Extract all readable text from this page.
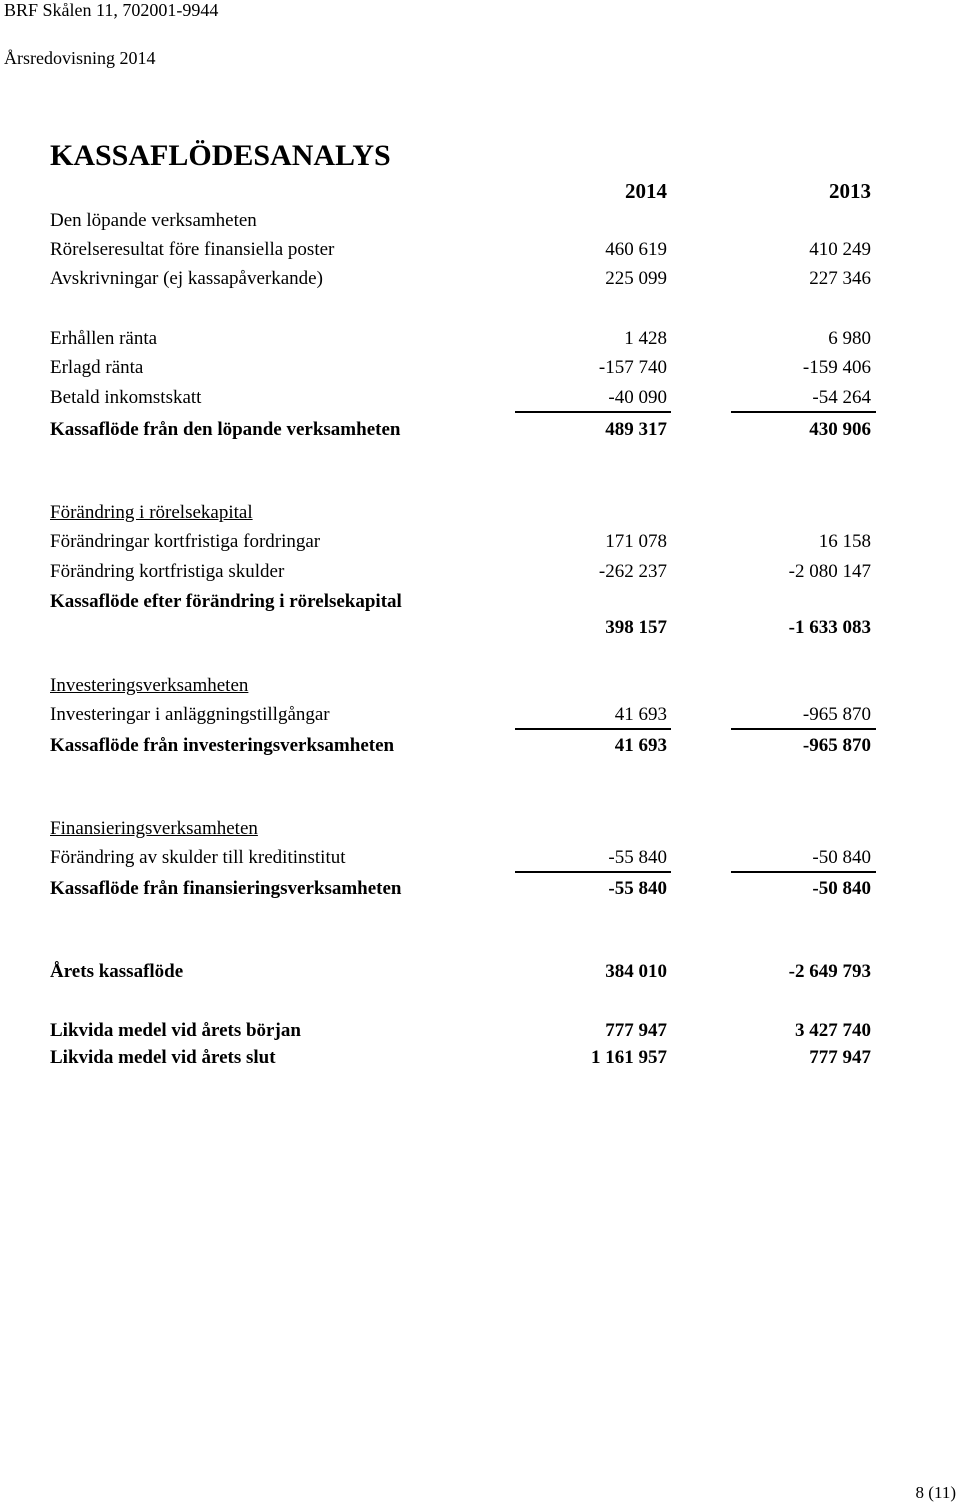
BRF Skålen 11, 702001-9944
Årsredovisning 2014
KASSAFLÖDESANALYS
2014	2013
Den löpande verksamheten
Rörelseresultat före finansiella poster	460 619	410 249
Avskrivningar (ej kassapåverkande)	225 099	227 346
Erhållen ränta	1 428	6 980
Erlagd ränta	-157 740	-159 406
Betald inkomstskatt	-40 090	-54 264
Kassaflöde från den löpande verksamheten	489 317	430 906
Förändring i rörelsekapital
Förändringar kortfristiga fordringar	171 078	16 158
Förändring kortfristiga skulder	-262 237	-2 080 147
Kassaflöde efter förändring i rörelsekapital
398 157	-1 633 083
Investeringsverksamheten
Investeringar i anläggningstillgångar	41 693	-965 870
Kassaflöde från investeringsverksamheten	41 693	-965 870
Finansieringsverksamheten
Förändring av skulder till kreditinstitut	-55 840	-50 840
Kassaflöde från finansieringsverksamheten	-55 840	-50 840
Årets kassaflöde	384 010	-2 649 793
Likvida medel vid årets början	777 947	3 427 740
Likvida medel vid årets slut	1 161 957	777 947
8 (11)
